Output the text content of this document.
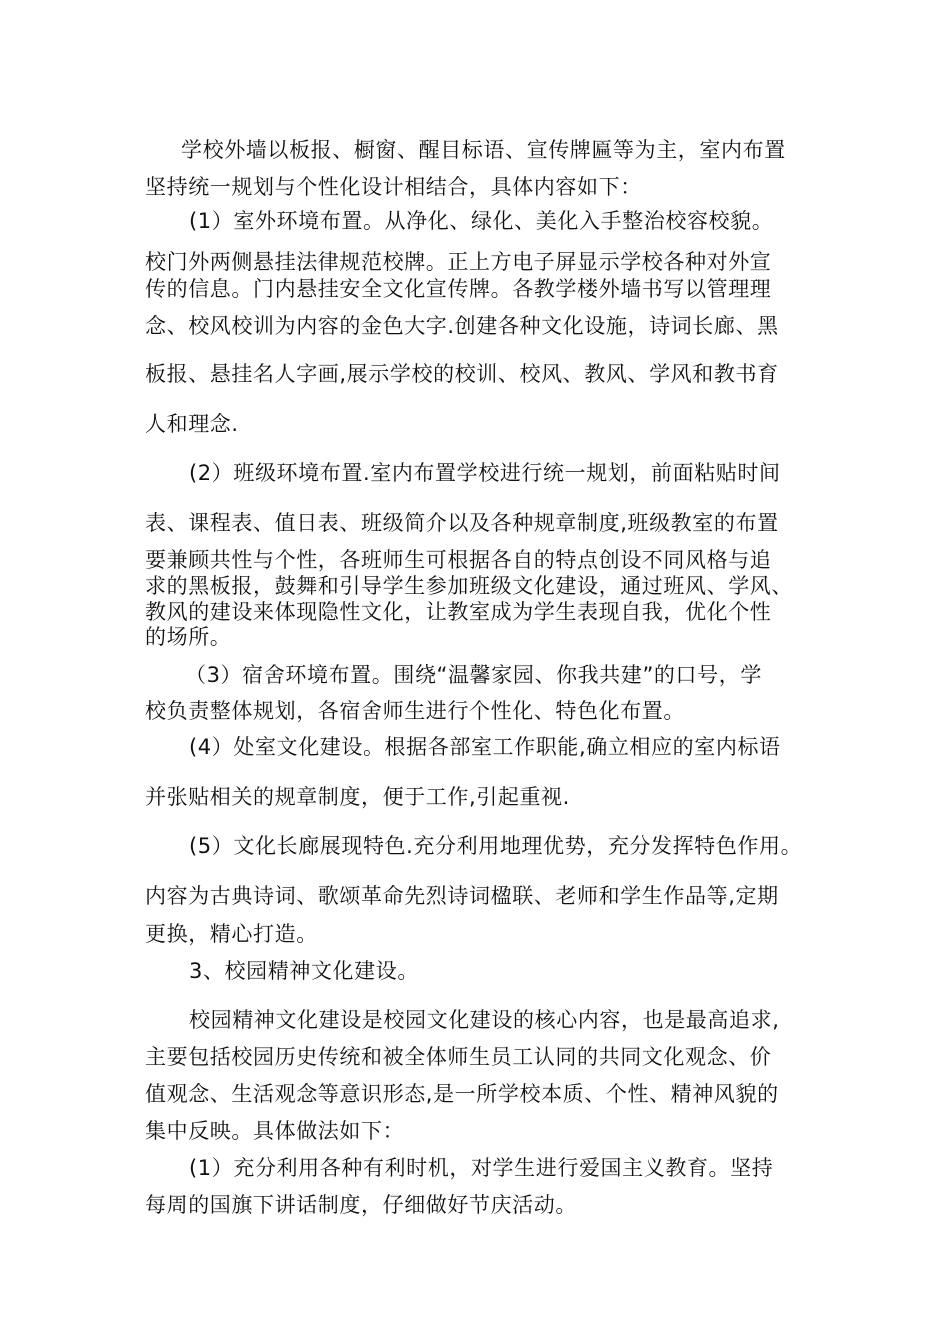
学校外墙以板报、橱窗、醒目标语、宣传牌匾等为主，室内布置
坚持统一规划与个性化设计相结合，具体内容如下：
(1）室外环境布置。从净化、绿化、美化入手整治校容校貌。
校门外两侧悬挂法律规范校牌。正上方电子屏显示学校各种对外宣
传的信息。门内悬挂安全文化宣传牌。各教学楼外墙书写以管理理
念、校风校训为内容的金色大字.创建各种文化设施，诗词长廊、黑
板报、悬挂名人字画,展示学校的校训、校风、教风、学风和教书育
人和理念.
(2）班级环境布置.室内布置学校进行统一规划，前面粘贴时间
表、课程表、值日表、班级简介以及各种规章制度,班级教室的布置
要兼顾共性与个性，各班师生可根据各自的特点创设不同风格与追
求的黑板报，鼓舞和引导学生参加班级文化建设，通过班风、学风、
教风的建设来体现隐性文化，让教室成为学生表现自我，优化个性
的场所。
（3）宿舍环境布置。围绕“温馨家园、你我共建”的口号，学
校负责整体规划，各宿舍师生进行个性化、特色化布置。
(4）处室文化建设。根据各部室工作职能,确立相应的室内标语
并张贴相关的规章制度，便于工作,引起重视.
(5）文化长廊展现特色.充分利用地理优势，充分发挥特色作用。
内容为古典诗词、歌颂革命先烈诗词楹联、老师和学生作品等,定期
更换，精心打造。
3、校园精神文化建设。
校园精神文化建设是校园文化建设的核心内容，也是最高追求,
主要包括校园历史传统和被全体师生员工认同的共同文化观念、价
值观念、生活观念等意识形态,是一所学校本质、个性、精神风貌的
集中反映。具体做法如下：
(1）充分利用各种有利时机，对学生进行爱国主义教育。坚持
每周的国旗下讲话制度，仔细做好节庆活动。
